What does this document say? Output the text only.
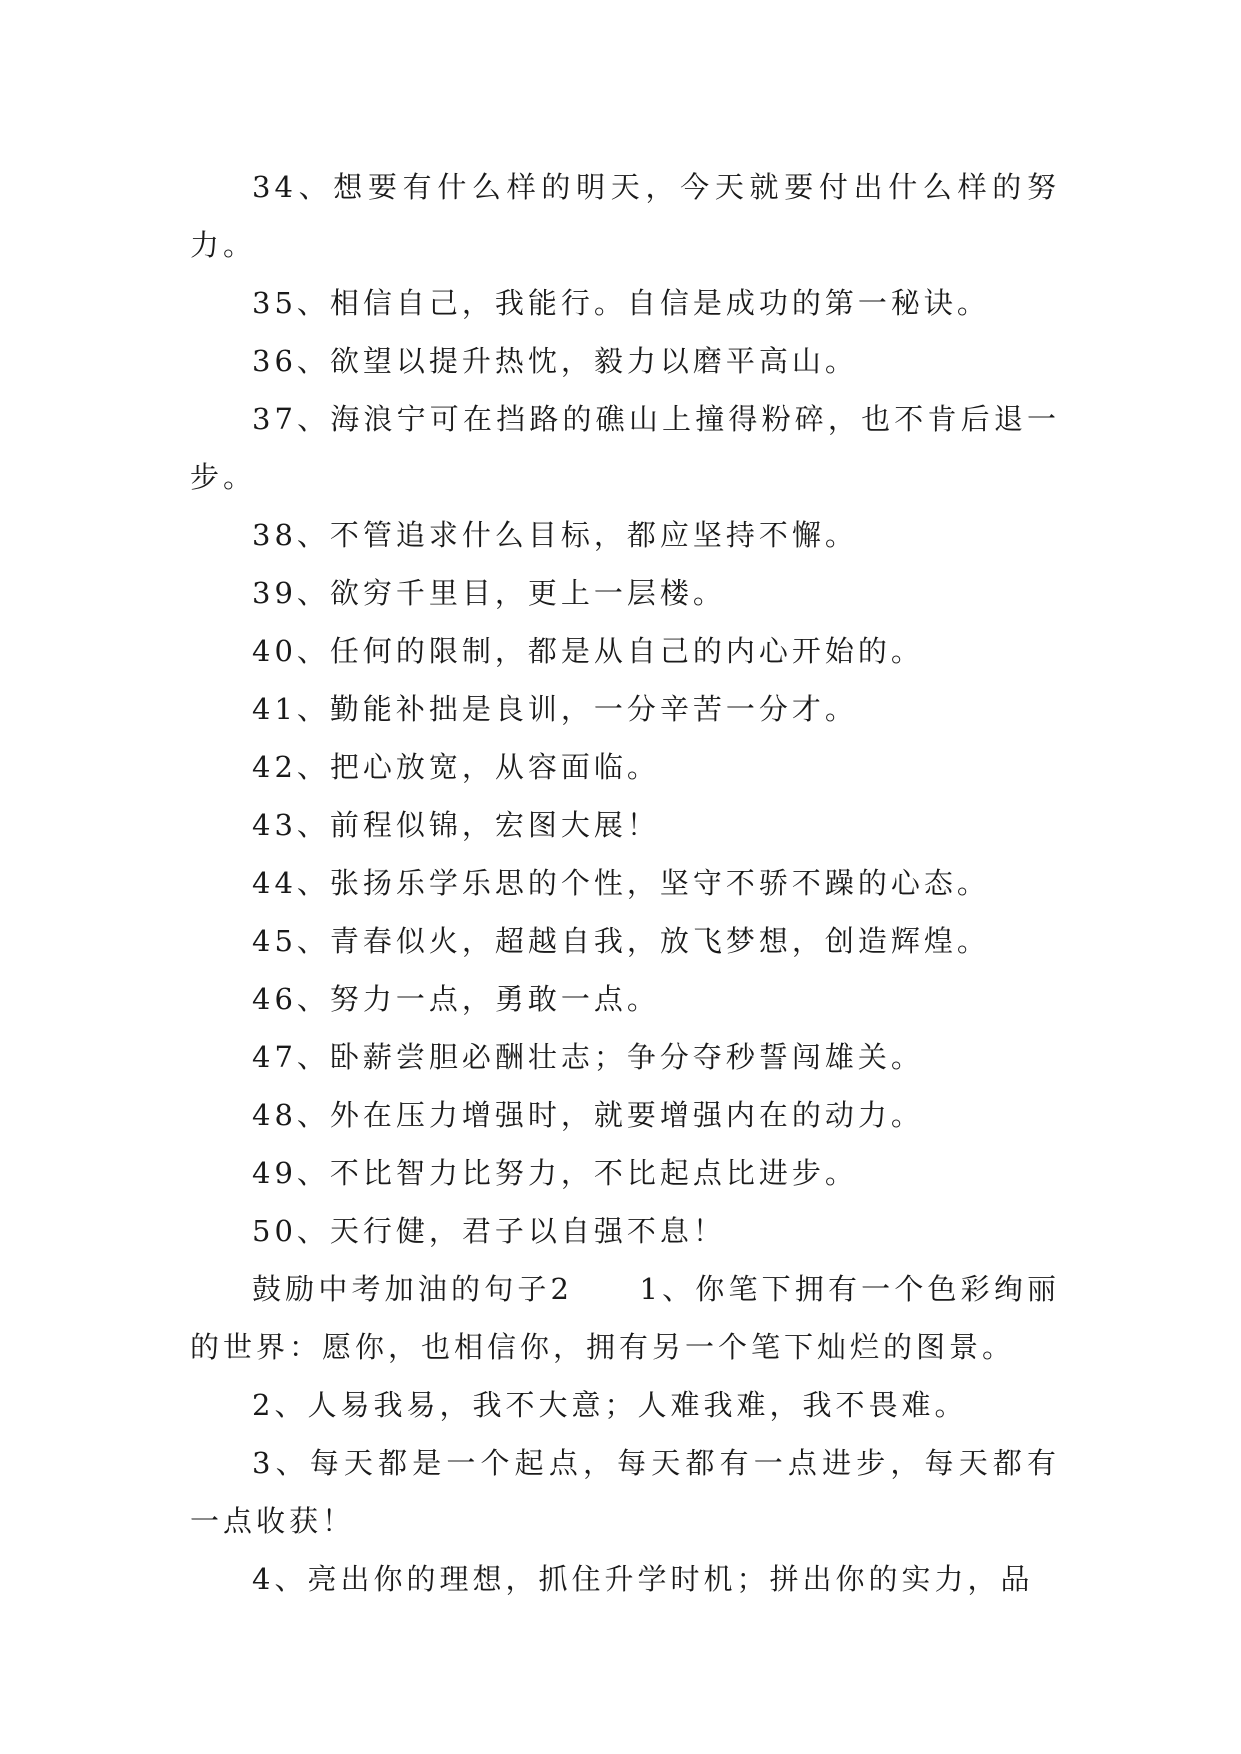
34、想要有什么样的明天，今天就要付出什么样的努力。

35、相信自己，我能行。自信是成功的第一秘诀。

36、欲望以提升热忱，毅力以磨平高山。

37、海浪宁可在挡路的礁山上撞得粉碎，也不肯后退一步。

38、不管追求什么目标，都应坚持不懈。

39、欲穷千里目，更上一层楼。

40、任何的限制，都是从自己的内心开始的。

41、勤能补拙是良训，一分辛苦一分才。

42、把心放宽，从容面临。

43、前程似锦，宏图大展！

44、张扬乐学乐思的个性，坚守不骄不躁的心态。

45、青春似火，超越自我，放飞梦想，创造辉煌。

46、努力一点，勇敢一点。

47、卧薪尝胆必酬壮志；争分夺秒誓闯雄关。

48、外在压力增强时，就要增强内在的动力。

49、不比智力比努力，不比起点比进步。

50、天行健，君子以自强不息！

鼓励中考加油的句子2　　1、你笔下拥有一个色彩绚丽的世界：愿你，也相信你，拥有另一个笔下灿烂的图景。

2、人易我易，我不大意；人难我难，我不畏难。

3、每天都是一个起点，每天都有一点进步，每天都有一点收获！

4、亮出你的理想，抓住升学时机；拼出你的实力，品
